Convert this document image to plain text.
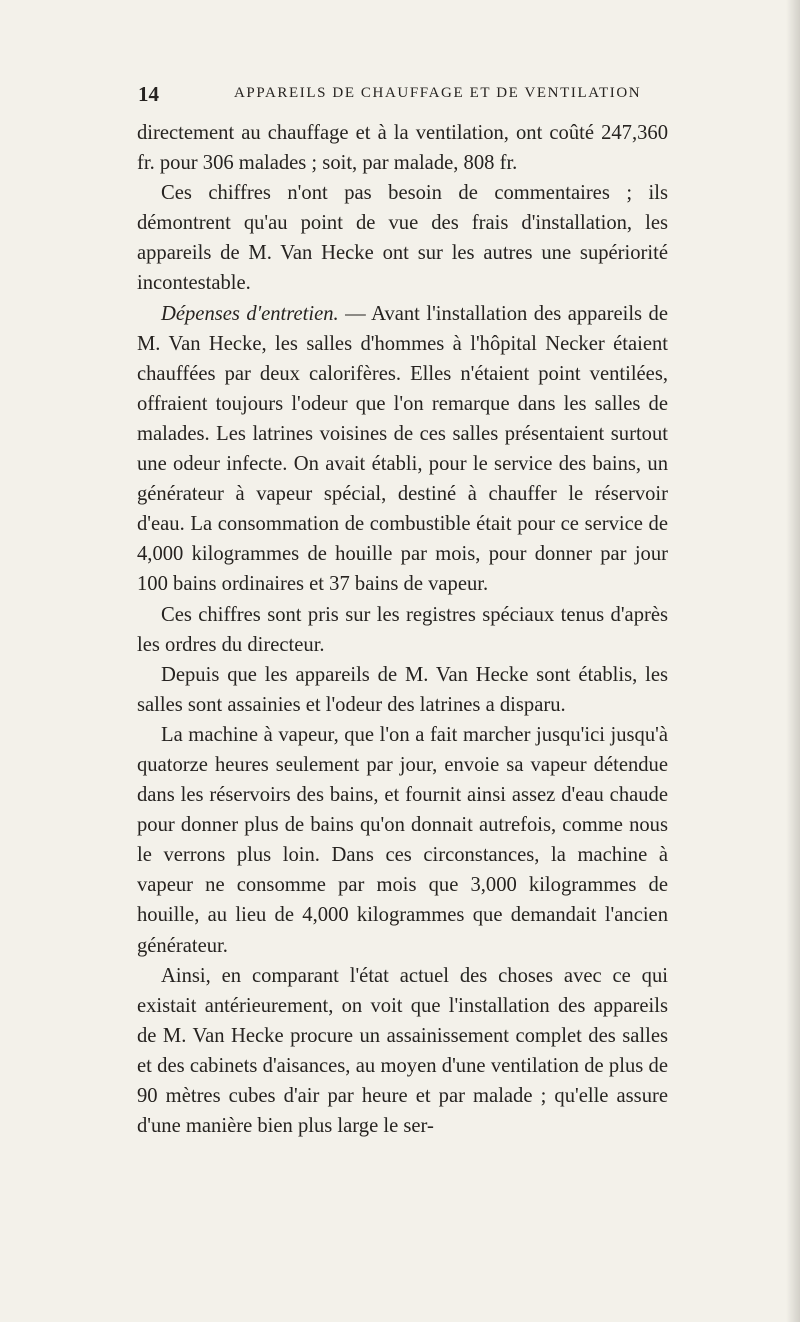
14	APPAREILS DE CHAUFFAGE ET DE VENTILATION

directement au chauffage et à la ventilation, ont coûté 247,360 fr. pour 306 malades ; soit, par malade, 808 fr.

Ces chiffres n'ont pas besoin de commentaires ; ils démontrent qu'au point de vue des frais d'installation, les appareils de M. Van Hecke ont sur les autres une supériorité incontestable.

Dépenses d'entretien. — Avant l'installation des appareils de M. Van Hecke, les salles d'hommes à l'hôpital Necker étaient chauffées par deux calorifères. Elles n'étaient point ventilées, offraient toujours l'odeur que l'on remarque dans les salles de malades. Les latrines voisines de ces salles présentaient surtout une odeur infecte. On avait établi, pour le service des bains, un générateur à vapeur spécial, destiné à chauffer le réservoir d'eau. La consommation de combustible était pour ce service de 4,000 kilogrammes de houille par mois, pour donner par jour 100 bains ordinaires et 37 bains de vapeur.

Ces chiffres sont pris sur les registres spéciaux tenus d'après les ordres du directeur.

Depuis que les appareils de M. Van Hecke sont établis, les salles sont assainies et l'odeur des latrines a disparu.

La machine à vapeur, que l'on a fait marcher jusqu'ici jusqu'à quatorze heures seulement par jour, envoie sa vapeur détendue dans les réservoirs des bains, et fournit ainsi assez d'eau chaude pour donner plus de bains qu'on donnait autrefois, comme nous le verrons plus loin. Dans ces circonstances, la machine à vapeur ne consomme par mois que 3,000 kilogrammes de houille, au lieu de 4,000 kilogrammes que demandait l'ancien générateur.

Ainsi, en comparant l'état actuel des choses avec ce qui existait antérieurement, on voit que l'installation des appareils de M. Van Hecke procure un assainissement complet des salles et des cabinets d'aisances, au moyen d'une ventilation de plus de 90 mètres cubes d'air par heure et par malade ; qu'elle assure d'une manière bien plus large le ser-
